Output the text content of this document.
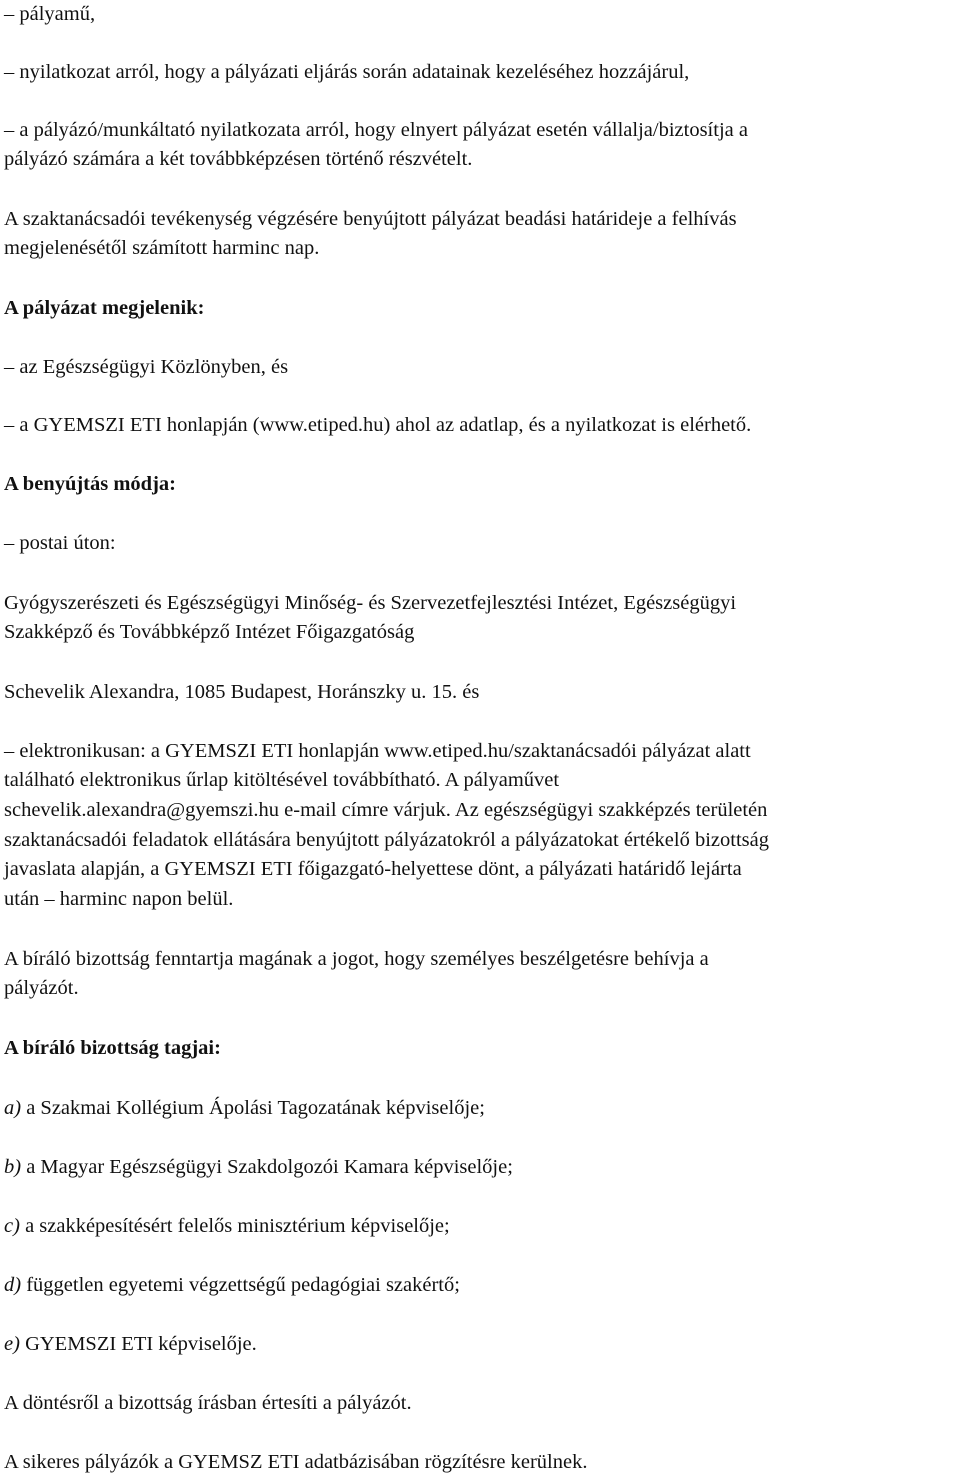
– pályamű,
– nyilatkozat arról, hogy a pályázati eljárás során adatainak kezeléséhez hozzájárul,
– a pályázó/munkáltató nyilatkozata arról, hogy elnyert pályázat esetén vállalja/biztosítja a
pályázó számára a két továbbképzésen történő részvételt.
A szaktanácsadói tevékenység végzésére benyújtott pályázat beadási határideje a felhívás
megjelenésétől számított harminc nap.
A pályázat megjelenik:
– az Egészségügyi Közlönyben, és
– a GYEMSZI ETI honlapján (www.etiped.hu) ahol az adatlap, és a nyilatkozat is elérhető.
A benyújtás módja:
– postai úton:
Gyógyszerészeti és Egészségügyi Minőség- és Szervezetfejlesztési Intézet, Egészségügyi
Szakképző és Továbbképző Intézet Főigazgatóság
Schevelik Alexandra, 1085 Budapest, Horánszky u. 15. és
– elektronikusan: a GYEMSZI ETI honlapján www.etiped.hu/szaktanácsadói pályázat alatt
található elektronikus űrlap kitöltésével továbbítható. A pályaművet
schevelik.alexandra@gyemszi.hu e-mail címre várjuk. Az egészségügyi szakképzés területén
szaktanácsadói feladatok ellátására benyújtott pályázatokról a pályázatokat értékelő bizottság
javaslata alapján, a GYEMSZI ETI főigazgató-helyettese dönt, a pályázati határidő lejárta
után – harminc napon belül.
A bíráló bizottság fenntartja magának a jogot, hogy személyes beszélgetésre behívja a
pályázót.
A bíráló bizottság tagjai:
a) a Szakmai Kollégium Ápolási Tagozatának képviselője;
b) a Magyar Egészségügyi Szakdolgozói Kamara képviselője;
c) a szakképesítésért felelős minisztérium képviselője;
d) független egyetemi végzettségű pedagógiai szakértő;
e) GYEMSZI ETI képviselője.
A döntésről a bizottság írásban értesíti a pályázót.
A sikeres pályázók a GYEMSZ ETI adatbázisában rögzítésre kerülnek.
